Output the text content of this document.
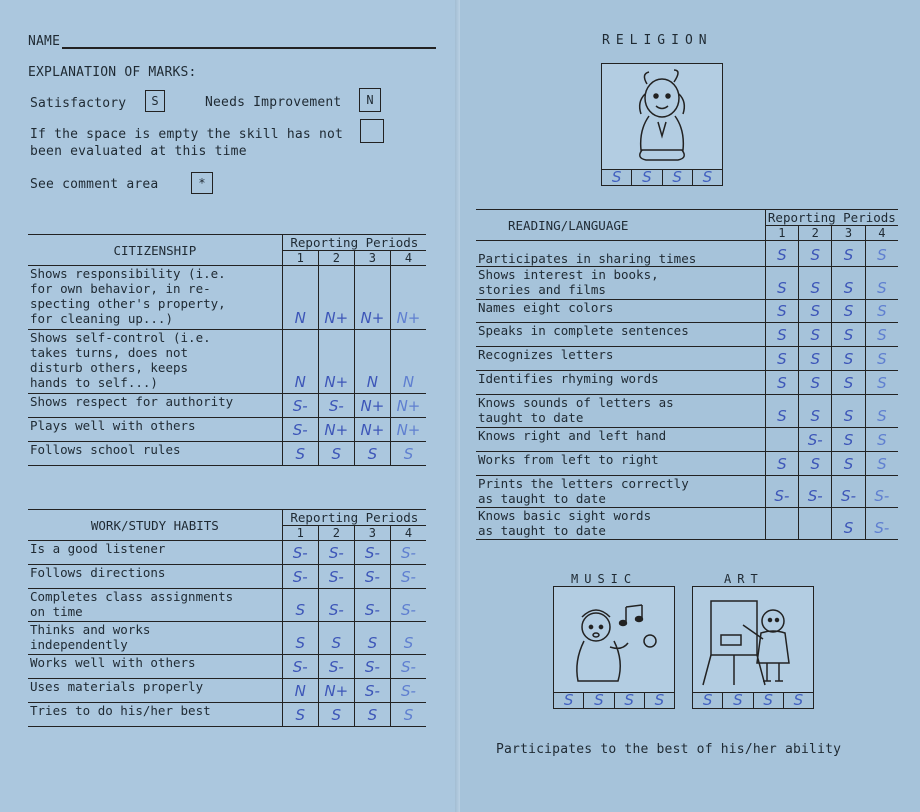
NAME
EXPLANATION OF MARKS:
Satisfactory	S	Needs Improvement	N
If the space is empty the skill has not
been evaluated at this time
See comment area	*
CITIZENSHIP	Reporting Periods			
	1	2	3	4
Shows responsibility (i.e.
for own behavior, in re-
specting other's property,
for cleaning up...)	N	N+	N+	N+
Shows self-control (i.e.
takes turns, does not
disturb others, keeps
hands to self...)	N	N+	N	N
Shows respect for authority	S-	S-	N+	N+
Plays well with others	S-	N+	N+	N+
Follows school rules	S	S	S	S
WORK/STUDY HABITS	Reporting Periods			
	1	2	3	4
Is a good listener	S-	S-	S-	S-
Follows directions	S-	S-	S-	S-
Completes class assignments
on time	S	S-	S-	S-
Thinks and works
independently	S	S	S	S
Works well with others	S-	S-	S-	S-
Uses materials properly	N	N+	S-	S-
Tries to do his/her best	S	S	S	S
RELIGION
S	S	S	S
READING/LANGUAGE	Reporting Periods			
	1	2	3	4
Participates in sharing times	S	S	S	S
Shows interest in books,
stories and films	S	S	S	S
Names eight colors	S	S	S	S
Speaks in complete sentences	S	S	S	S
Recognizes letters	S	S	S	S
Identifies rhyming words	S	S	S	S
Knows sounds of letters as
taught to date	S	S	S	S
Knows right and left hand		S-	S	S
Works from left to right	S	S	S	S
Prints the letters correctly
as taught to date	S-	S-	S-	S-
Knows basic sight words
as taught to date			S	S-
MUSIC
S	S	S	S
ART
S	S	S	S
Participates to the best of his/her ability
